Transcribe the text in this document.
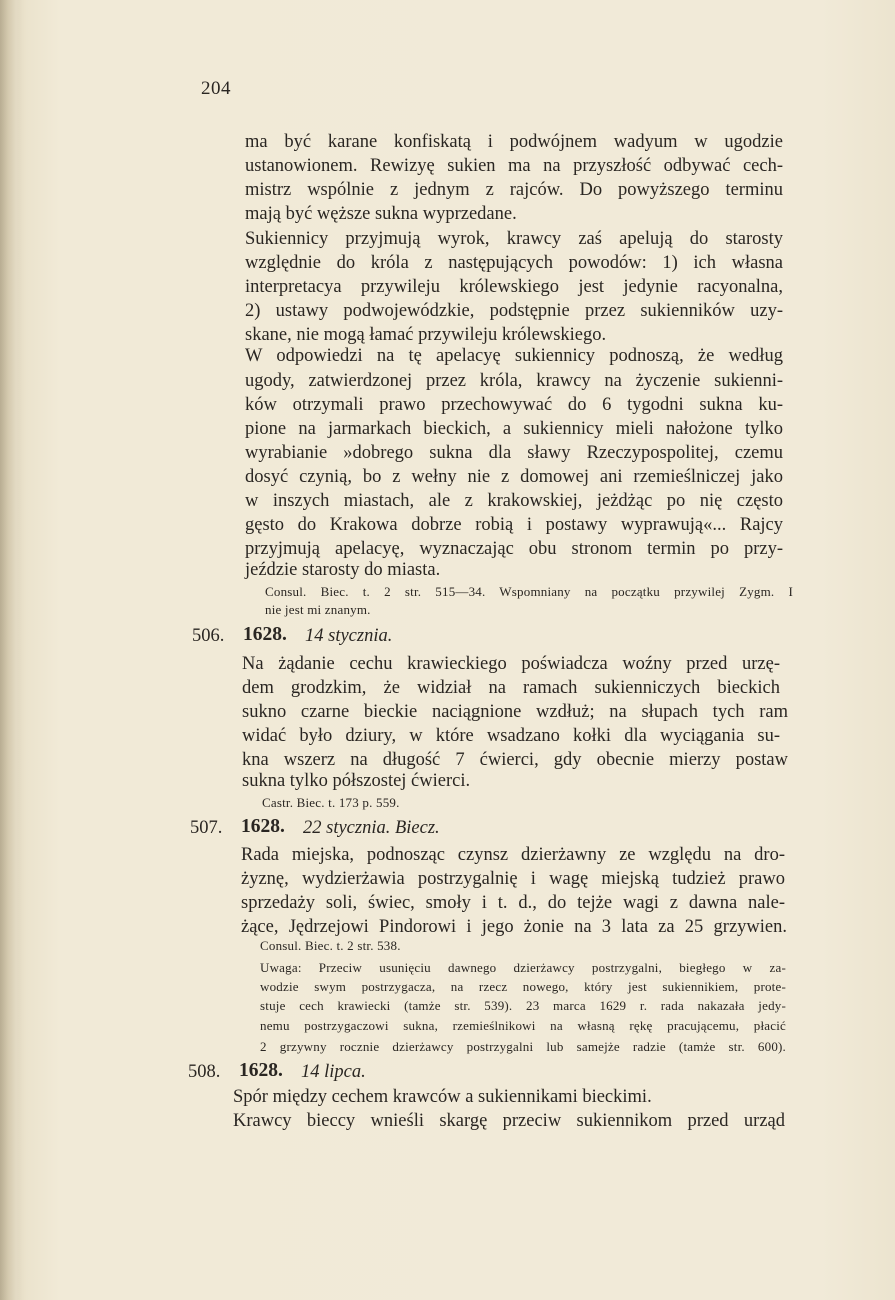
204
ma być karane konfiskatą i podwójnem wadyum w ugodzie
ustanowionem. Rewizyę sukien ma na przyszłość odbywać cech-
mistrz wspólnie z jednym z rajców. Do powyższego terminu
mają być węższe sukna wyprzedane.
Sukiennicy przyjmują wyrok, krawcy zaś apelują do starosty
względnie do króla z następujących powodów: 1) ich własna
interpretacya przywileju królewskiego jest jedynie racyonalna,
2) ustawy podwojewódzkie, podstępnie przez sukienników uzy-
skane, nie mogą łamać przywileju królewskiego.
W odpowiedzi na tę apelacyę sukiennicy podnoszą, że według
ugody, zatwierdzonej przez króla, krawcy na życzenie sukienni-
ków otrzymali prawo przechowywać do 6 tygodni sukna ku-
pione na jarmarkach bieckich, a sukiennicy mieli nałożone tylko
wyrabianie »dobrego sukna dla sławy Rzeczypospolitej, czemu
dosyć czynią, bo z wełny nie z domowej ani rzemieślniczej jako
w inszych miastach, ale z krakowskiej, jeżdżąc po nię często
gęsto do Krakowa dobrze robią i postawy wyprawują«... Rajcy
przyjmują apelacyę, wyznaczając obu stronom termin po przy-
jeździe starosty do miasta.
Consul. Biec. t. 2 str. 515—34. Wspomniany na początku przywilej Zygm. I
nie jest mi znanym.
506. 1628. 14 stycznia.
Na żądanie cechu krawieckiego poświadcza woźny przed urzę-
dem grodzkim, że widział na ramach sukienniczych bieckich
sukno czarne bieckie naciągnione wzdłuż; na słupach tych ram
widać było dziury, w które wsadzano kołki dla wyciągania su-
kna wszerz na długość 7 ćwierci, gdy obecnie mierzy postaw
sukna tylko półszostej ćwierci.
Castr. Biec. t. 173 p. 559.
507. 1628. 22 stycznia. Biecz.
Rada miejska, podnosząc czynsz dzierżawny ze względu na dro-
żyznę, wydzierżawia postrzygalnię i wagę miejską tudzież prawo
sprzedaży soli, świec, smoły i t. d., do tejże wagi z dawna nale-
żące, Jędrzejowi Pindorowi i jego żonie na 3 lata za 25 grzywien.
Consul. Biec. t. 2 str. 538.
Uwaga: Przeciw usunięciu dawnego dzierżawcy postrzygalni, biegłego w za-
wodzie swym postrzygacza, na rzecz nowego, który jest sukiennikiem, prote-
stuje cech krawiecki (tamże str. 539). 23 marca 1629 r. rada nakazała jedy-
nemu postrzygaczowi sukna, rzemieślnikowi na własną rękę pracującemu, płacić
2 grzywny rocznie dzierżawcy postrzygalni lub samejże radzie (tamże str. 600).
508. 1628. 14 lipca.
Spór między cechem krawców a sukiennikami bieckimi.
Krawcy bieccy wnieśli skargę przeciw sukiennikom przed urząd
